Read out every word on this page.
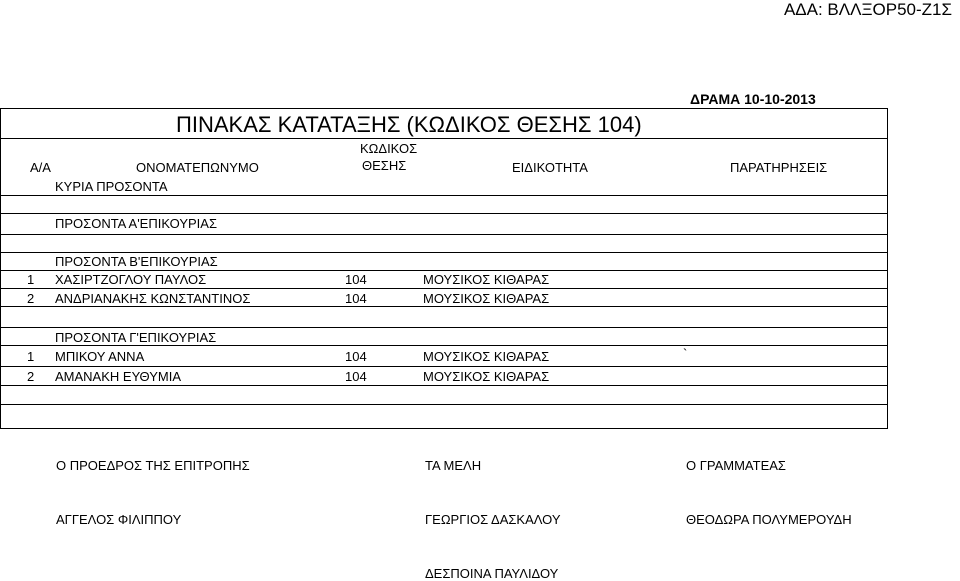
ΑΔΑ: ΒΛΛΞΟΡ50-Ζ1Σ
ΔΡΑΜΑ 10-10-2013
ΠΙΝΑΚΑΣ ΚΑΤΑΤΑΞΗΣ (ΚΩΔΙΚΟΣ ΘΕΣΗΣ 104)
Α/Α	ΟΝΟΜΑΤΕΠΩΝΥΜΟ
ΚΩΔΙΚΟΣ
ΘΕΣΗΣ	ΕΙΔΙΚΟΤΗΤΑ	ΠΑΡΑΤΗΡΗΣΕΙΣ
ΚΥΡΙΑ ΠΡΟΣΟΝΤΑ
ΠΡΟΣΟΝΤΑ Α'ΕΠΙΚΟΥΡΙΑΣ
ΠΡΟΣΟΝΤΑ Β'ΕΠΙΚΟΥΡΙΑΣ
ΠΡΟΣΟΝΤΑ Γ'ΕΠΙΚΟΥΡΙΑΣ
1 ΧΑΣΙΡΤΖΟΓΛΟΥ ΠΑΥΛΟΣ	104	ΜΟΥΣΙΚΟΣ ΚΙΘΑΡΑΣ
2 ΑΝΔΡΙΑΝΑΚΗΣ ΚΩΝΣΤΑΝΤΙΝΟΣ	104	ΜΟΥΣΙΚΟΣ ΚΙΘΑΡΑΣ
1 ΜΠΙΚΟΥ ΑΝΝΑ	104	ΜΟΥΣΙΚΟΣ ΚΙΘΑΡΑΣ	`
2 ΑΜΑΝΑΚΗ ΕΥΘΥΜΙΑ	104	ΜΟΥΣΙΚΟΣ ΚΙΘΑΡΑΣ
Ο ΠΡΟΕΔΡΟΣ ΤΗΣ ΕΠΙΤΡΟΠΗΣ	ΤΑ ΜΕΛΗ	Ο ΓΡΑΜΜΑΤΕΑΣ
ΑΓΓΕΛΟΣ ΦΙΛΙΠΠΟΥ	ΓΕΩΡΓΙΟΣ ΔΑΣΚΑΛΟΥ	ΘΕΟΔΩΡΑ ΠΟΛΥΜΕΡΟΥΔΗ
ΔΕΣΠΟΙΝΑ ΠΑΥΛΙΔΟΥ
